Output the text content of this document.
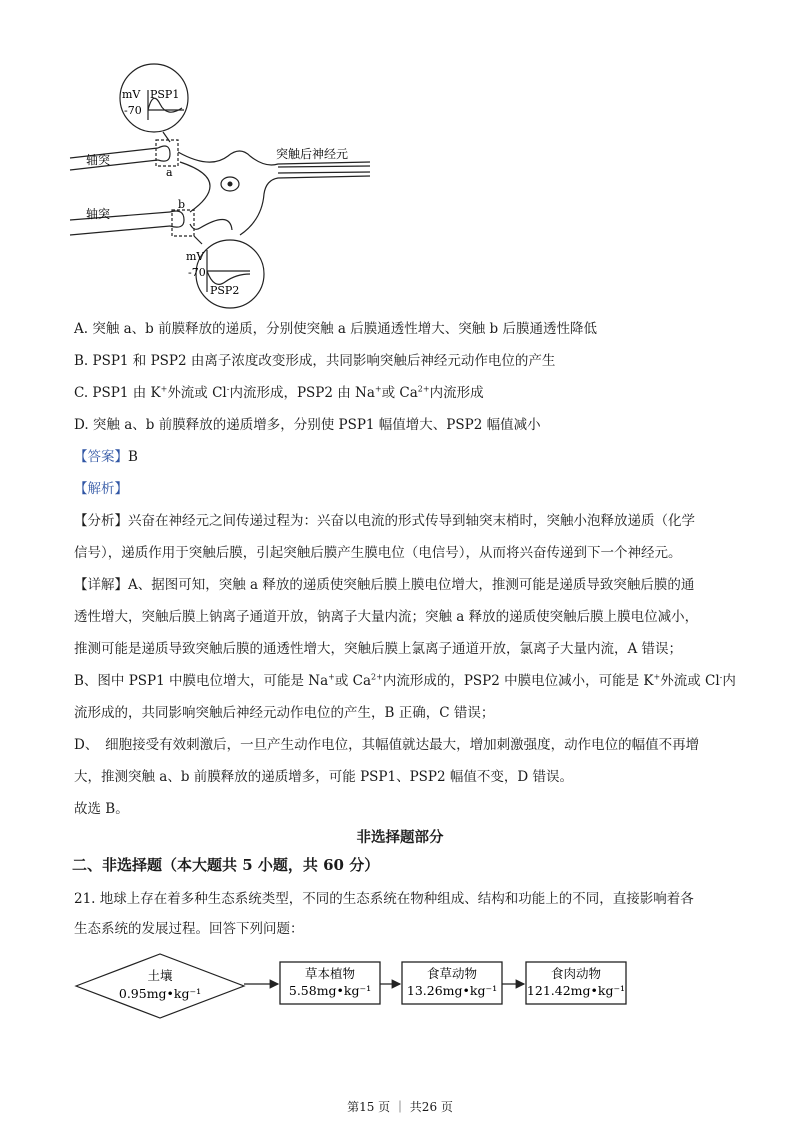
mV PSP1
-70
mV
-70
PSP2
轴突
轴突
a
b
突触后神经元
A. 突触 a、b 前膜释放的递质，分别使突触 a 后膜通透性增大、突触 b 后膜通透性降低
B. PSP1 和 PSP2 由离子浓度改变形成，共同影响突触后神经元动作电位的产生
C. PSP1 由 K+外流或 Cl-内流形成，PSP2 由 Na+或 $Ca^{2+}$内流形成
D. 突触 a、b 前膜释放的递质增多，分别使 PSP1 幅值增大、PSP2 幅值减小
【答案】B
【解析】
【分析】兴奋在神经元之间传递过程为：兴奋以电流的形式传导到轴突末梢时，突触小泡释放递质（化学
信号），递质作用于突触后膜，引起突触后膜产生膜电位（电信号），从而将兴奋传递到下一个神经元。
【详解】A、据图可知，突触 a 释放的递质使突触后膜上膜电位增大，推测可能是递质导致突触后膜的通
透性增大，突触后膜上钠离子通道开放，钠离子大量内流；突触 a 释放的递质使突触后膜上膜电位减小，
推测可能是递质导致突触后膜的通透性增大，突触后膜上氯离子通道开放，氯离子大量内流，A 错误；
B、图中 PSP1 中膜电位增大，可能是 Na+或 $Ca^{2+}$内流形成的，PSP2 中膜电位减小，可能是 K+外流或 Cl-内
流形成的，共同影响突触后神经元动作电位的产生，B 正确，C 错误；
D、　细胞接受有效刺激后，一旦产生动作电位，其幅值就达最大，增加刺激强度，动作电位的幅值不再增
大，推测突触 a、b 前膜释放的递质增多，可能 PSP1、PSP2 幅值不变，D 错误。
故选 B。
非选择题部分
二、非选择题（本大题共 5 小题，共 60 分）
21. 地球上存在着多种生态系统类型，不同的生态系统在物种组成、结构和功能上的不同，直接影响着各
生态系统的发展过程。回答下列问题：
土壤
0.95mg•kg⁻¹
草本植物
5.58mg•kg⁻¹
食草动物
13.26mg•kg⁻¹
食肉动物
121.42mg•kg⁻¹
第15 页 ｜ 共26 页
